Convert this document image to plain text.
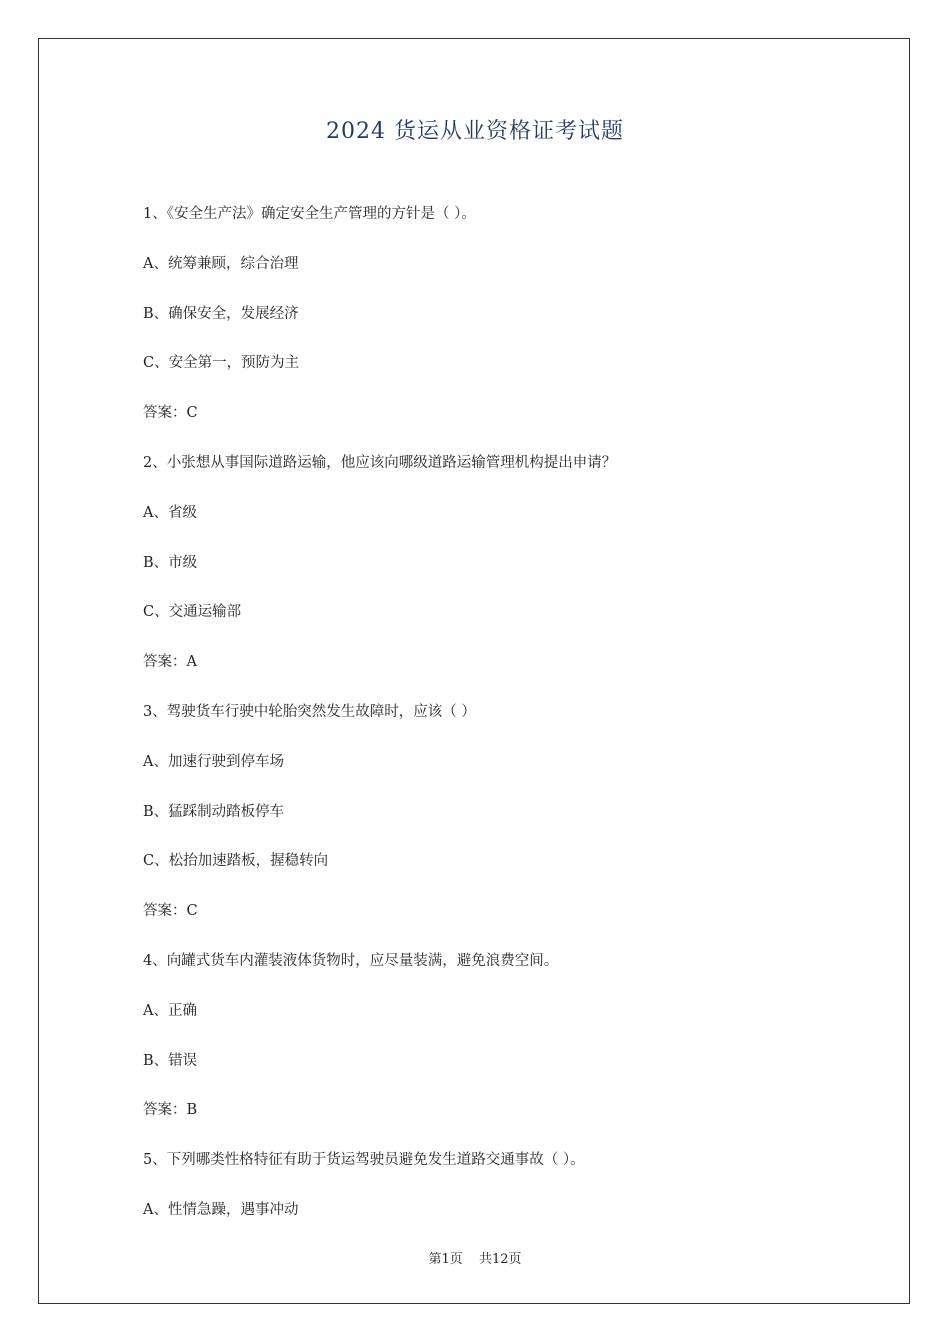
2024 货运从业资格证考试题
1、《安全生产法》确定安全生产管理的方针是（ ）。
A、统筹兼顾，综合治理
B、确保安全，发展经济
C、安全第一，预防为主
答案：C
2、小张想从事国际道路运输，他应该向哪级道路运输管理机构提出申请？
A、省级
B、市级
C、交通运输部
答案：A
3、驾驶货车行驶中轮胎突然发生故障时，应该（ ）
A、加速行驶到停车场
B、猛踩制动踏板停车
C、松抬加速踏板，握稳转向
答案：C
4、向罐式货车内灌装液体货物时，应尽量装满，避免浪费空间。
A、正确
B、错误
答案：B
5、下列哪类性格特征有助于货运驾驶员避免发生道路交通事故（ ）。
A、性情急躁，遇事冲动
第1页 共12页
